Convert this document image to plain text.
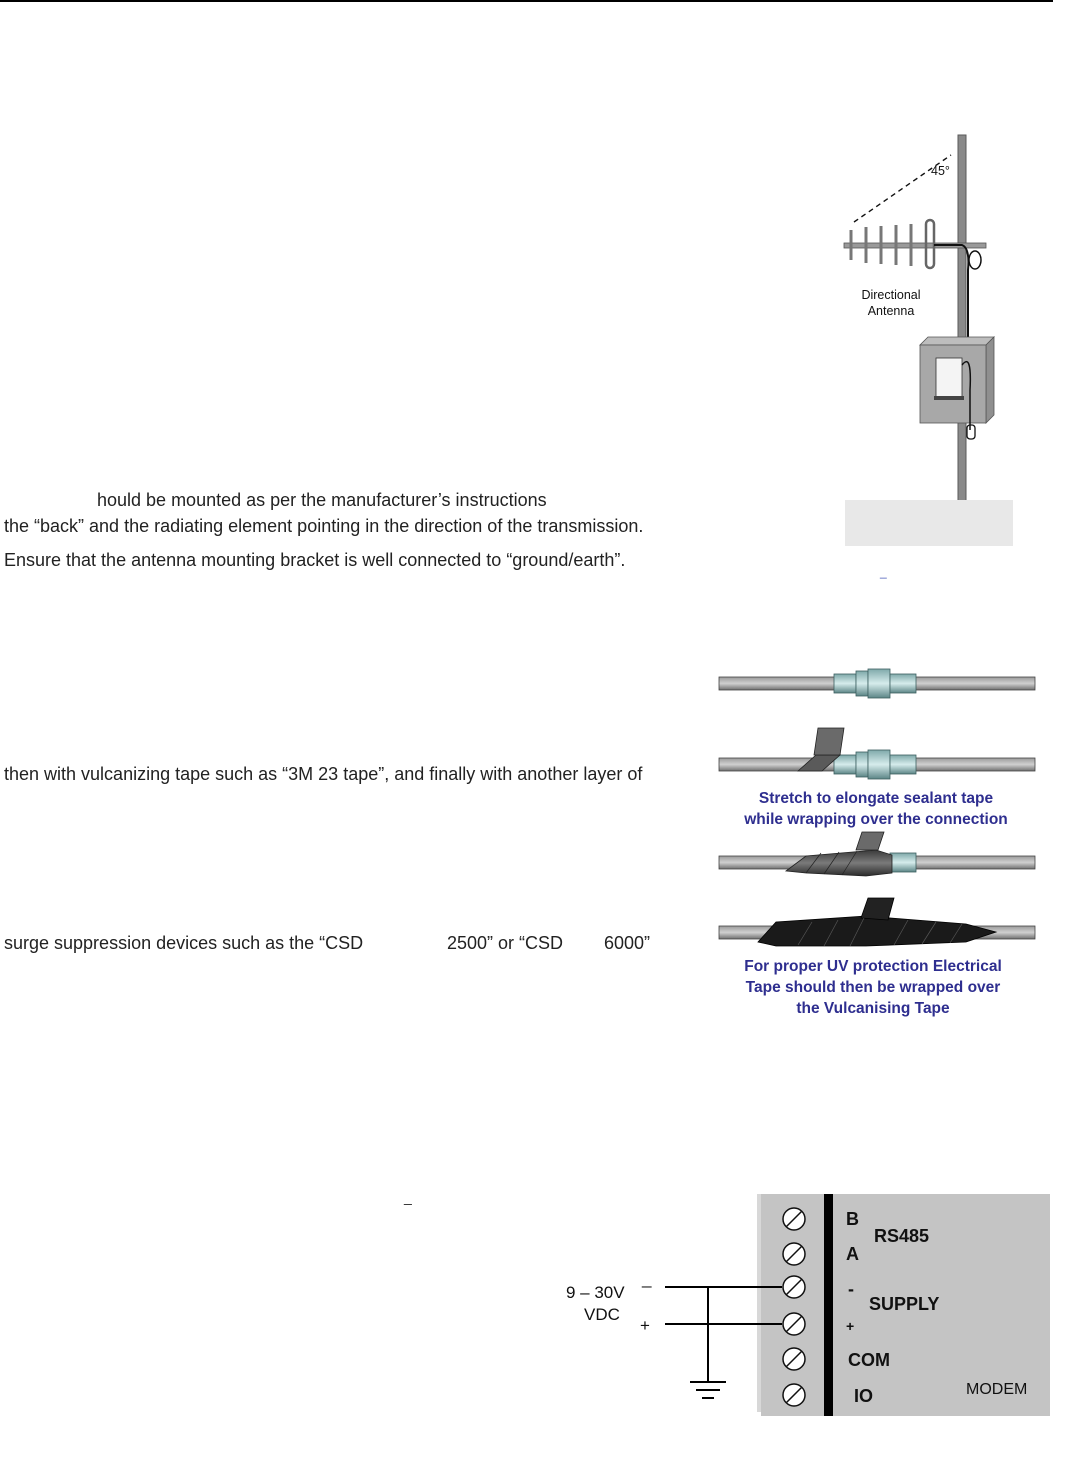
hould be mounted as per the manufacturer’s instructions
the “back” and the radiating element pointing in the direction of the transmission.
Ensure that the antenna mounting bracket is well connected to “ground/earth”.
then with vulcanizing tape such as “3M 23 tape”, and finally with another layer of
surge suppression devices such as the “CSD	2500” or “CSD 6000”
_
45°
Directional
Antenna
_
Stretch to elongate sealant tape
while wrapping over the connection
For proper UV protection Electrical
Tape should then be wrapped over
the Vulcanising Tape
B
A
-
+
COM
IO
RS485
SUPPLY
MODEM
9 – 30V
VDC
_
+
